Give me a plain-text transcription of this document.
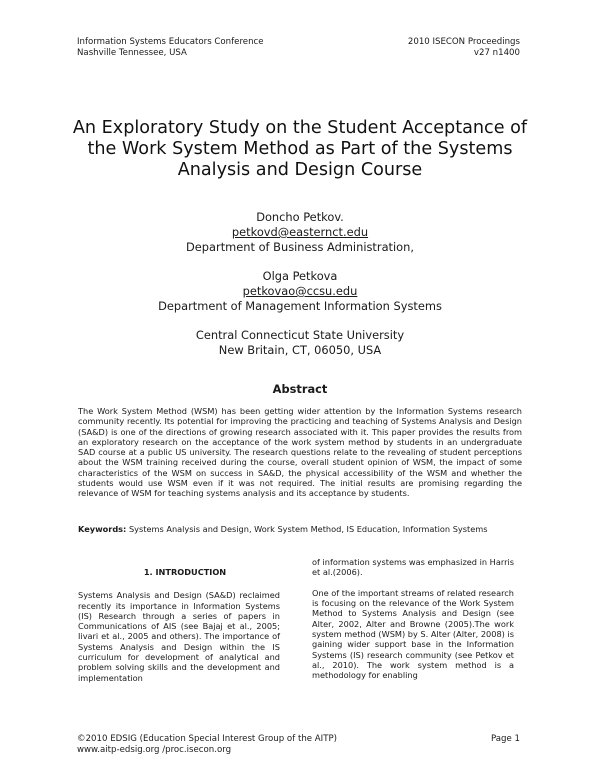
Information Systems Educators Conference
Nashville Tennessee, USA
2010 ISECON Proceedings
v27 n1400
An Exploratory Study on the Student Acceptance of the Work System Method as Part of the Systems Analysis and Design Course
Doncho Petkov.
petkovd@easternct.edu
Department of Business Administration,
Olga Petkova
petkovao@ccsu.edu
Department of Management Information Systems
Central Connecticut State University
New Britain, CT, 06050, USA
Abstract
The Work System Method (WSM) has been getting wider attention by the Information Systems research community recently. Its potential for improving the practicing and teaching of Systems Analysis and Design (SA&D) is one of the directions of growing research associated with it. This paper provides the results from an exploratory research on the acceptance of the work system method by students in an undergraduate SAD course at a public US university. The research questions relate to the revealing of student perceptions about the WSM training received during the course, overall student opinion of WSM, the impact of some characteristics of the WSM on success in SA&D, the physical accessibility of the WSM and whether the students would use WSM even if it was not required. The initial results are promising regarding the relevance of WSM for teaching systems analysis and its acceptance by students.
Keywords: Systems Analysis and Design, Work System Method, IS Education, Information Systems
1. INTRODUCTION
Systems Analysis and Design (SA&D) reclaimed recently its importance in Information Systems (IS) Research through a series of papers in Communications of AIS (see Bajaj et al., 2005; Iivari et al., 2005 and others). The importance of Systems Analysis and Design within the IS curriculum for development of analytical and problem solving skills and the development and implementation
of information systems was emphasized in Harris et al.(2006).
One of the important streams of related research is focusing on the relevance of the Work System Method to Systems Analysis and Design (see Alter, 2002, Alter and Browne (2005).The work system method (WSM) by S. Alter (Alter, 2008) is gaining wider support base in the Information Systems (IS) research community (see Petkov et al., 2010). The work system method is a methodology for enabling
©2010 EDSIG (Education Special Interest Group of the AITP)
www.aitp-edsig.org /proc.isecon.org
Page 1
